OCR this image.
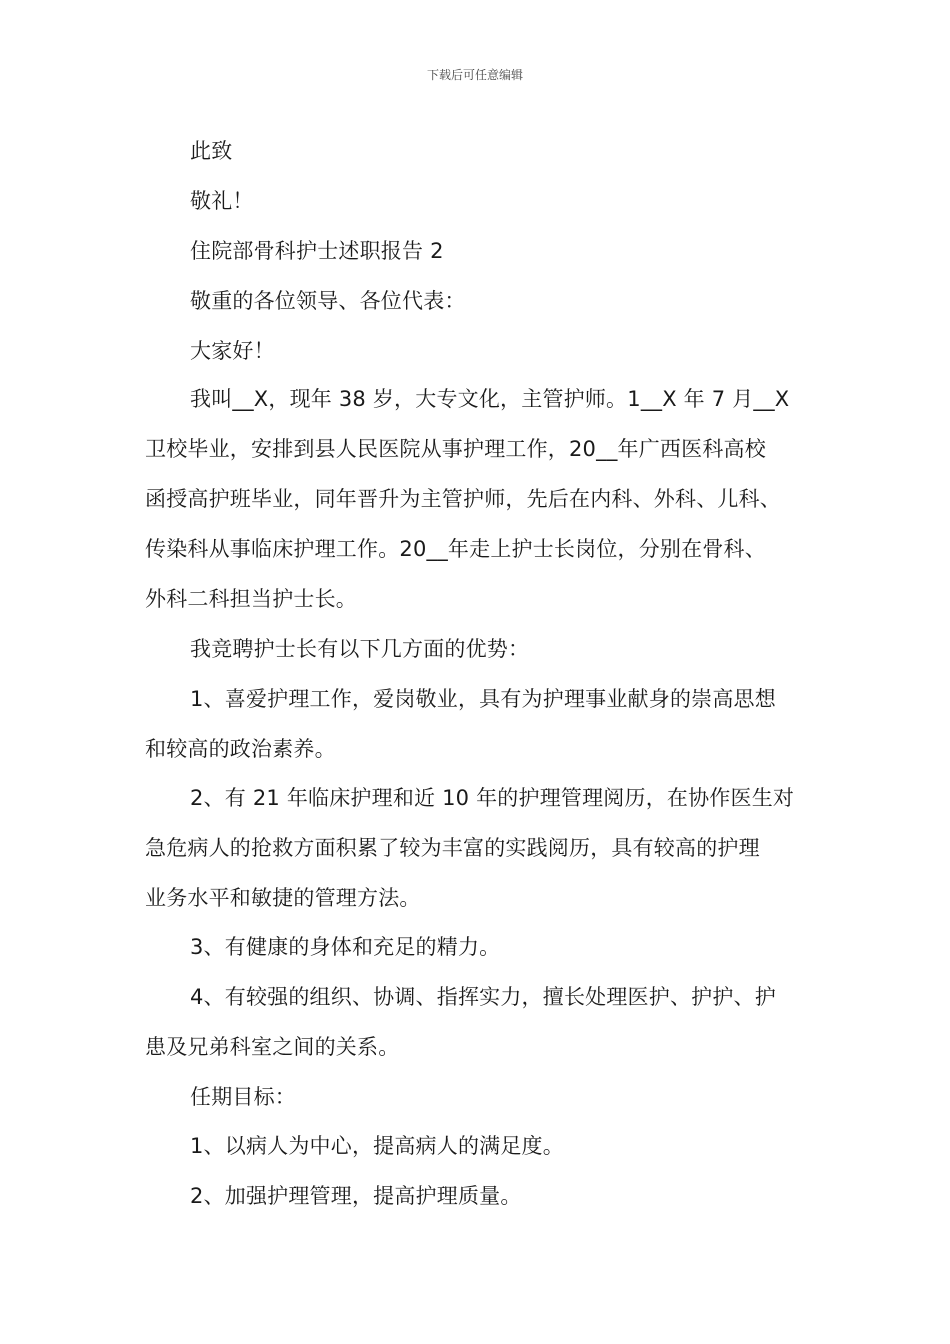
下载后可任意编辑
此致
敬礼！
住院部骨科护士述职报告 2
敬重的各位领导、各位代表：
大家好！
我叫__X，现年 38 岁，大专文化，主管护师。1__X 年 7 月__X
卫校毕业，安排到县人民医院从事护理工作，20__年广西医科高校
函授高护班毕业，同年晋升为主管护师，先后在内科、外科、儿科、
传染科从事临床护理工作。20__年走上护士长岗位，分别在骨科、
外科二科担当护士长。
我竞聘护士长有以下几方面的优势：
1、喜爱护理工作，爱岗敬业，具有为护理事业献身的崇高思想
和较高的政治素养。
2、有 21 年临床护理和近 10 年的护理管理阅历，在协作医生对
急危病人的抢救方面积累了较为丰富的实践阅历，具有较高的护理
业务水平和敏捷的管理方法。
3、有健康的身体和充足的精力。
4、有较强的组织、协调、指挥实力，擅长处理医护、护护、护
患及兄弟科室之间的关系。
任期目标：
1、以病人为中心，提高病人的满足度。
2、加强护理管理，提高护理质量。
